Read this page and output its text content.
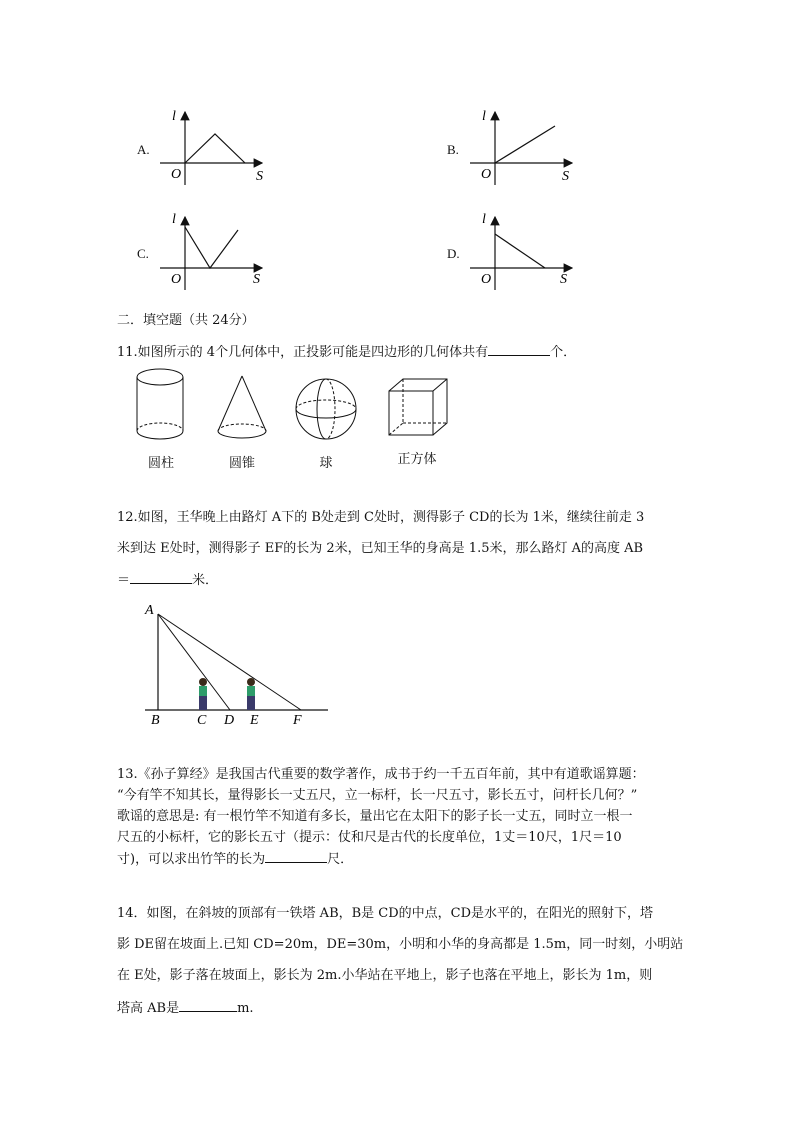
A.
l
O	S
B.
l
O	S
C.
l
O	S
D.
l
O	S
二．填空题（共 24分）
11.如图所示的 4个几何体中，正投影可能是四边形的几何体共有	个．
圆柱	圆锥	球	正方体
12.如图，王华晚上由路灯 A下的 B处走到 C处时，测得影子 CD的长为 1米，继续往前走 3
米到达 E处时，测得影子 EF的长为 2米，已知王华的身高是 1.5米，那么路灯 A的高度 AB
＝	米．
A
B	C D E F
13.《孙子算经》是我国古代重要的数学著作，成书于约一千五百年前，其中有道歌谣算题：
“今有竿不知其长，量得影长一丈五尺，立一标杆，长一尺五寸，影长五寸，问杆长几何？”
歌谣的意思是: 有一根竹竿不知道有多长，量出它在太阳下的影子长一丈五，同时立一根一
尺五的小标杆，它的影长五寸（提示：仗和尺是古代的长度单位，1丈＝10尺，1尺＝10
寸)，可以求出竹竿的长为	尺．
14．如图，在斜坡的顶部有一铁塔 AB，B是 CD的中点，CD是水平的，在阳光的照射下，塔
影 DE留在坡面上.已知 CD=20m，DE=30m，小明和小华的身高都是 1.5m，同一时刻，小明站
在 E处，影子落在坡面上，影长为 2m.小华站在平地上，影子也落在平地上，影长为 1m，则
塔高 AB是	m.
